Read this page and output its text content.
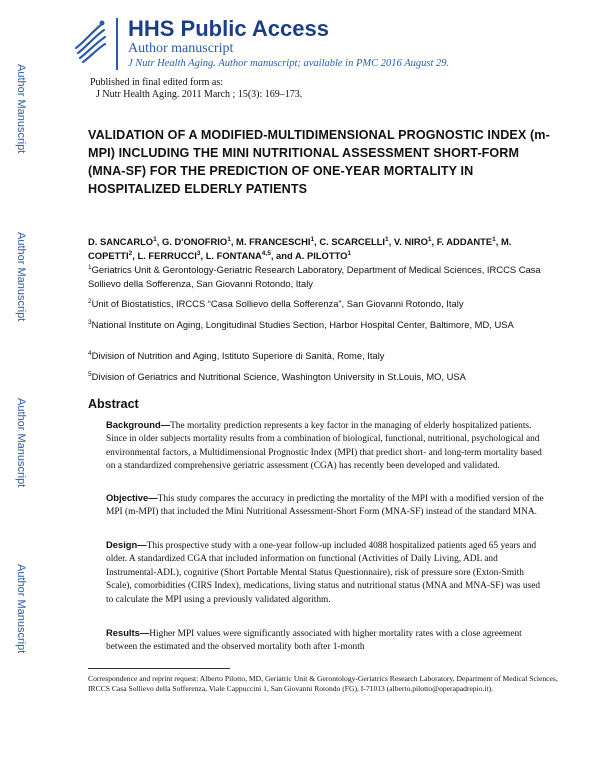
Author Manuscript
Author Manuscript
Author Manuscript
Author Manuscript
HHS Public Access
Author manuscript
J Nutr Health Aging. Author manuscript; available in PMC 2016 August 29.
Published in final edited form as:
J Nutr Health Aging. 2011 March ; 15(3): 169–173.
VALIDATION OF A MODIFIED-MULTIDIMENSIONAL PROGNOSTIC INDEX (m-MPI) INCLUDING THE MINI NUTRITIONAL ASSESSMENT SHORT-FORM (MNA-SF) FOR THE PREDICTION OF ONE-YEAR MORTALITY IN HOSPITALIZED ELDERLY PATIENTS
D. SANCARLO$^1$, G. D'ONOFRIO$^1$, M. FRANCESCHI$^1$, C. SCARCELLI$^1$, V. NIRO$^1$, F. ADDANTE$^1$, M. COPETTI$^2$, L. FERRUCCI$^3$, L. FONTANA$^{4,5}$, and A. PILOTTO$^1$
$^1$Geriatrics Unit & Gerontology-Geriatric Research Laboratory, Department of Medical Sciences, IRCCS Casa Sollievo della Sofferenza, San Giovanni Rotondo, Italy
$^2$Unit of Biostatistics, IRCCS “Casa Sollievo della Sofferenza”, San Giovanni Rotondo, Italy
$^3$National Institute on Aging, Longitudinal Studies Section, Harbor Hospital Center, Baltimore, MD, USA
$^4$Division of Nutrition and Aging, Istituto Superiore di Sanità, Rome, Italy
$^5$Division of Geriatrics and Nutritional Science, Washington University in St.Louis, MO, USA
Abstract
Background—The mortality prediction represents a key factor in the managing of elderly hospitalized patients. Since in older subjects mortality results from a combination of biological, functional, nutritional, psychological and environmental factors, a Multidimensional Prognostic Index (MPI) that predict short- and long-term mortality based on a standardized comprehensive geriatric assessment (CGA) has recently been developed and validated.
Objective—This study compares the accuracy in predicting the mortality of the MPI with a modified version of the MPI (m-MPI) that included the Mini Nutritional Assessment-Short Form (MNA-SF) instead of the standard MNA.
Design—This prospective study with a one-year follow-up included 4088 hospitalized patients aged 65 years and older. A standardized CGA that included information on functional (Activities of Daily Living, ADL and Instrumental-ADL), cognitive (Short Portable Mental Status Questionnaire), risk of pressure sore (Exton-Smith Scale), comorbidities (CIRS Index), medications, living status and nutritional status (MNA and MNA-SF) was used to calculate the MPI using a previously validated algorithm.
Results—Higher MPI values were significantly associated with higher mortality rates with a close agreement between the estimated and the observed mortality both after 1-month
Correspondence and reprint request: Alberto Pilotto, MD, Geriatric Unit & Gerontology-Geriatrics Research Laboratory, Department of Medical Sciences, IRCCS Casa Sollievo della Sofferenza, Viale Cappuccini 1, San Giovanni Rotondo (FG), I-71013 (alberto.pilotto@operapadrepio.it).
